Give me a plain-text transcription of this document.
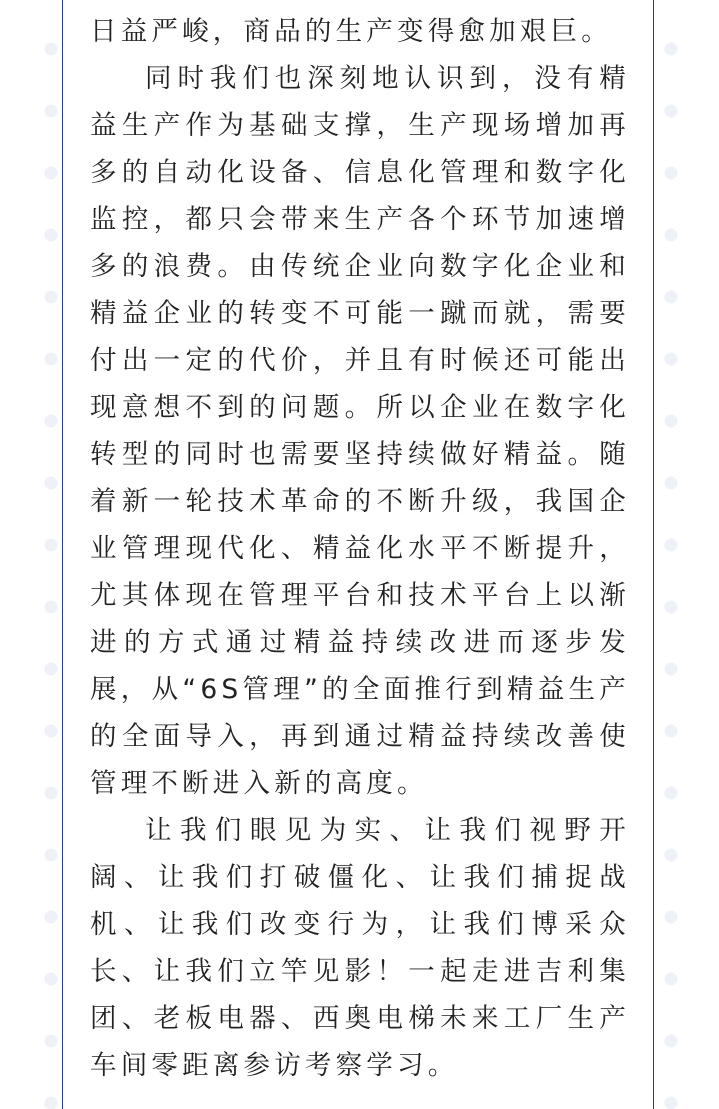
日益严峻，商品的生产变得愈加艰巨。

同时我们也深刻地认识到，没有精益生产作为基础支撑，生产现场增加再多的自动化设备、信息化管理和数字化监控，都只会带来生产各个环节加速增多的浪费。由传统企业向数字化企业和精益企业的转变不可能一蹴而就，需要付出一定的代价，并且有时候还可能出现意想不到的问题。所以企业在数字化转型的同时也需要坚持续做好精益。随着新一轮技术革命的不断升级，我国企业管理现代化、精益化水平不断提升，尤其体现在管理平台和技术平台上以渐进的方式通过精益持续改进而逐步发展，从“6S管理”的全面推行到精益生产的全面导入，再到通过精益持续改善使管理不断进入新的高度。

让我们眼见为实、让我们视野开阔、让我们打破僵化、让我们捕捉战机、让我们改变行为，让我们博采众长、让我们立竿见影！一起走进吉利集团、老板电器、西奥电梯未来工厂生产车间零距离参访考察学习。
